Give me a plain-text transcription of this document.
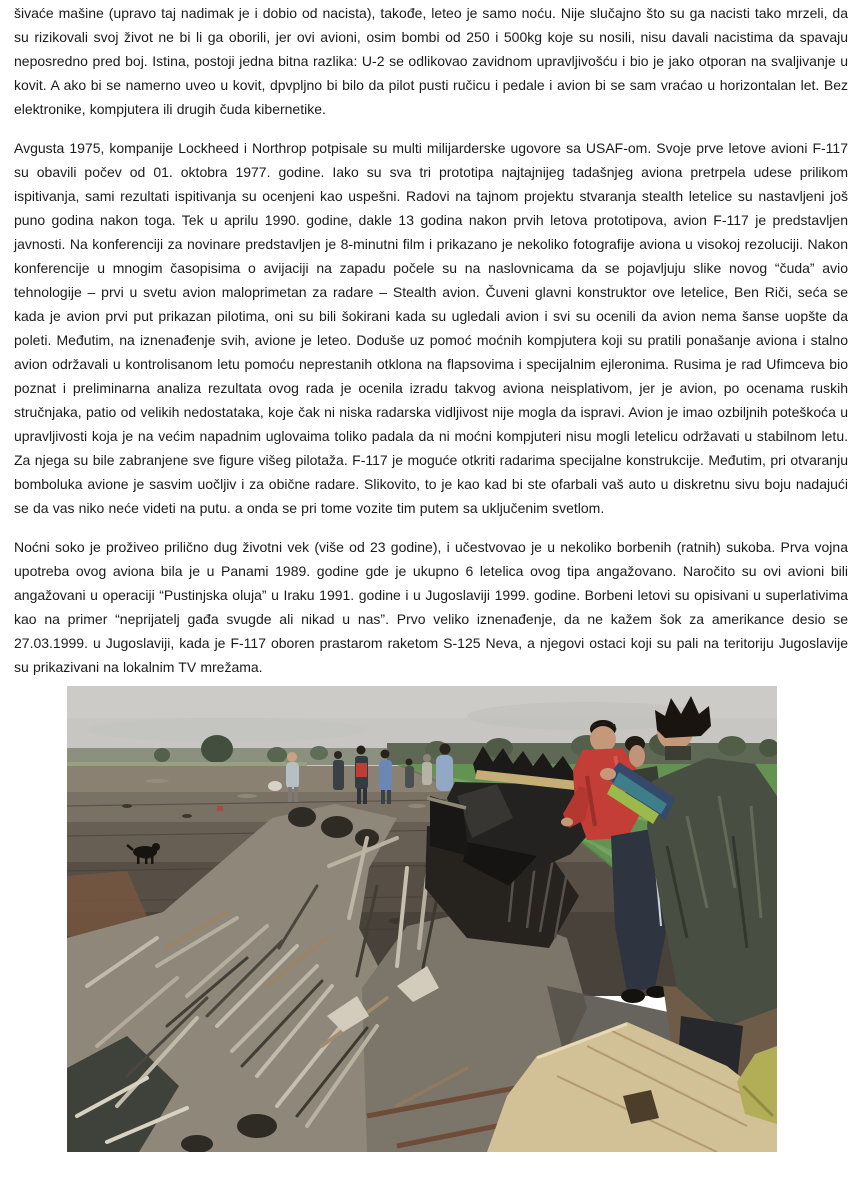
šivaće mašine (upravo taj nadimak je i dobio od nacista), takođe, leteo je samo noću. Nije slučajno što su ga nacisti tako mrzeli, da su rizikovali svoj život ne bi li ga oborili, jer ovi avioni, osim bombi od 250 i 500kg koje su nosili, nisu davali nacistima da spavaju neposredno pred boj. Istina, postoji jedna bitna razlika: U-2 se odlikovao zavidnom upravljivošću i bio je jako otporan na svaljivanje u kovit. A ako bi se namerno uveo u kovit, dpvpljno bi bilo da pilot pusti ručicu i pedale i avion bi se sam vraćao u horizontalan let. Bez elektronike, kompjutera ili drugih čuda kibernetike.

Avgusta 1975, kompanije Lockheed i Northrop potpisale su multi milijarderske ugovore sa USAF-om. Svoje prve letove avioni F-117 su obavili počev od 01. oktobra 1977. godine. Iako su sva tri prototipa najtajnijeg tadašnjeg aviona pretrpela udese prilikom ispitivanja, sami rezultati ispitivanja su ocenjeni kao uspešni. Radovi na tajnom projektu stvaranja stealth letelice su nastavljeni još puno godina nakon toga. Tek u aprilu 1990. godine, dakle 13 godina nakon prvih letova prototipova, avion F-117 je predstavljen javnosti. Na konferenciji za novinare predstavljen je 8-minutni film i prikazano je nekoliko fotografije aviona u visokoj rezoluciji. Nakon konferencije u mnogim časopisima o avijaciji na zapadu počele su na naslovnicama da se pojavljuju slike novog “čuda” avio tehnologije – prvi u svetu avion maloprimetan za radare – Stealth avion. Čuveni glavni konstruktor ove letelice, Ben Riči, seća se kada je avion prvi put prikazan pilotima, oni su bili šokirani kada su ugledali avion i svi su ocenili da avion nema šanse uopšte da poleti. Međutim, na iznenađenje svih, avione je leteo. Doduše uz pomoć moćnih kompjutera koji su pratili ponašanje aviona i stalno avion održavali u kontrolisanom letu pomoću neprestanih otklona na flapsovima i specijalnim ejleronima. Rusima je rad Ufimceva bio poznat i preliminarna analiza rezultata ovog rada je ocenila izradu takvog aviona neisplativom, jer je avion, po ocenama ruskih stručnjaka, patio od velikih nedostataka, koje čak ni niska radarska vidljivost nije mogla da ispravi. Avion je imao ozbiljnih poteškoća u upravljivosti koja je na većim napadnim uglovaima toliko padala da ni moćni kompjuteri nisu mogli letelicu održavati u stabilnom letu. Za njega su bile zabranjene sve figure višeg pilotaža. F-117 je moguće otkriti radarima specijalne konstrukcije. Međutim, pri otvaranju bomboluka avione je sasvim uočljiv i za obične radare. Slikovito, to je kao kad bi ste ofarbali vaš auto u diskretnu sivu boju nadajući se da vas niko neće videti na putu. a onda se pri tome vozite tim putem sa uključenim svetlom.

Noćni soko je proživeo prilično dug životni vek (više od 23 godine), i učestvovao je u nekoliko borbenih (ratnih) sukoba. Prva vojna upotreba ovog aviona bila je u Panami 1989. godine gde je ukupno 6 letelica ovog tipa angažovano. Naročito su ovi avioni bili angažovani u operaciji “Pustinjska oluja” u Iraku 1991. godine i u Jugoslaviji 1999. godine. Borbeni letovi su opisivani u superlativima kao na primer “neprijatelj gađa svugde ali nikad u nas”. Prvo veliko iznenađenje, da ne kažem šok za amerikance desio se 27.03.1999. u Jugoslaviji, kada je F-117 oboren prastarom raketom S-125 Neva, a njegovi ostaci koji su pali na teritoriju Jugoslavije su prikazivani na lokalnim TV mrežama.
